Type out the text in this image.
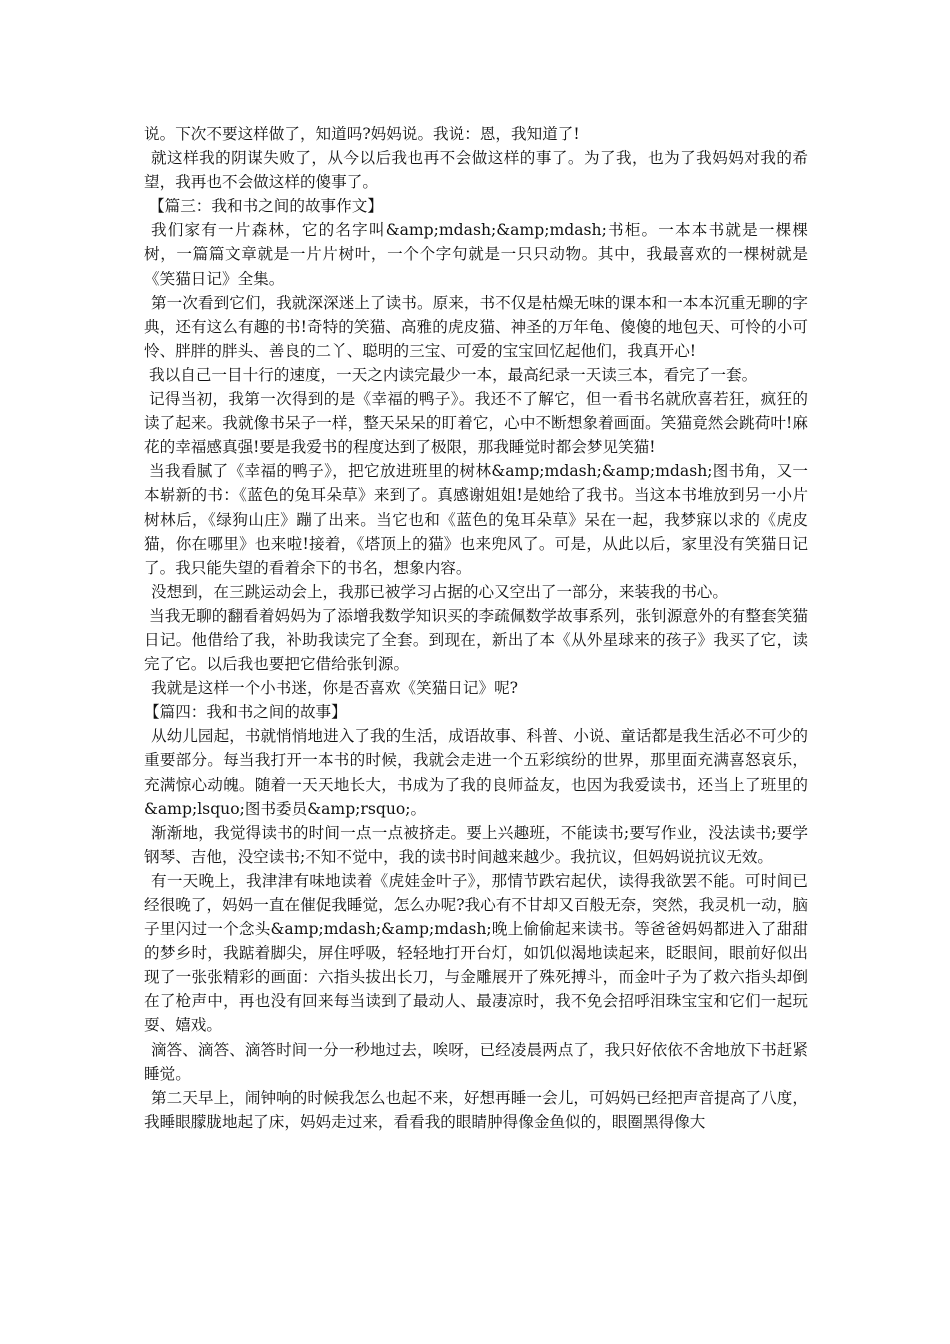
说。下次不要这样做了，知道吗?妈妈说。我说：恩，我知道了!

就这样我的阴谋失败了，从今以后我也再不会做这样的事了。为了我，也为了我妈妈对我的希望，我再也不会做这样的傻事了。

【篇三：我和书之间的故事作文】

我们家有一片森林，它的名字叫&amp;mdash;&amp;mdash;书柜。一本本书就是一棵棵树，一篇篇文章就是一片片树叶，一个个字句就是一只只动物。其中，我最喜欢的一棵树就是《笑猫日记》全集。

第一次看到它们，我就深深迷上了读书。原来，书不仅是枯燥无味的课本和一本本沉重无聊的字典，还有这么有趣的书!奇特的笑猫、高雅的虎皮猫、神圣的万年龟、傻傻的地包天、可怜的小可怜、胖胖的胖头、善良的二丫、聪明的三宝、可爱的宝宝回忆起他们，我真开心!

我以自己一目十行的速度，一天之内读完最少一本，最高纪录一天读三本，看完了一套。

记得当初，我第一次得到的是《幸福的鸭子》。我还不了解它，但一看书名就欣喜若狂，疯狂的读了起来。我就像书呆子一样，整天呆呆的盯着它，心中不断想象着画面。笑猫竟然会跳荷叶!麻花的幸福感真强!要是我爱书的程度达到了极限，那我睡觉时都会梦见笑猫!

当我看腻了《幸福的鸭子》，把它放进班里的树林&amp;mdash;&amp;mdash;图书角，又一本崭新的书：《蓝色的兔耳朵草》来到了。真感谢姐姐!是她给了我书。当这本书堆放到另一小片树林后，《绿狗山庄》蹦了出来。当它也和《蓝色的兔耳朵草》呆在一起，我梦寐以求的《虎皮猫，你在哪里》也来啦!接着，《塔顶上的猫》也来兜风了。可是，从此以后，家里没有笑猫日记了。我只能失望的看着余下的书名，想象内容。

没想到，在三跳运动会上，我那已被学习占据的心又空出了一部分，来装我的书心。

当我无聊的翻看着妈妈为了添增我数学知识买的李疏佩数学故事系列，张钊源意外的有整套笑猫日记。他借给了我，补助我读完了全套。到现在，新出了本《从外星球来的孩子》我买了它，读完了它。以后我也要把它借给张钊源。

我就是这样一个小书迷，你是否喜欢《笑猫日记》呢?

【篇四：我和书之间的故事】

从幼儿园起，书就悄悄地进入了我的生活，成语故事、科普、小说、童话都是我生活必不可少的重要部分。每当我打开一本书的时候，我就会走进一个五彩缤纷的世界，那里面充满喜怒哀乐，充满惊心动魄。随着一天天地长大，书成为了我的良师益友，也因为我爱读书，还当上了班里的&amp;lsquo;图书委员&amp;rsquo;。

渐渐地，我觉得读书的时间一点一点被挤走。要上兴趣班，不能读书;要写作业，没法读书;要学钢琴、吉他，没空读书;不知不觉中，我的读书时间越来越少。我抗议，但妈妈说抗议无效。

有一天晚上，我津津有味地读着《虎娃金叶子》，那情节跌宕起伏，读得我欲罢不能。可时间已经很晚了，妈妈一直在催促我睡觉，怎么办呢?我心有不甘却又百般无奈，突然，我灵机一动，脑子里闪过一个念头&amp;mdash;&amp;mdash;晚上偷偷起来读书。等爸爸妈妈都进入了甜甜的梦乡时，我踮着脚尖，屏住呼吸，轻轻地打开台灯，如饥似渴地读起来，眨眼间，眼前好似出现了一张张精彩的画面：六指头拔出长刀，与金雕展开了殊死搏斗，而金叶子为了救六指头却倒在了枪声中，再也没有回来每当读到了最动人、最凄凉时，我不免会招呼泪珠宝宝和它们一起玩耍、嬉戏。

滴答、滴答、滴答时间一分一秒地过去，唉呀，已经凌晨两点了，我只好依依不舍地放下书赶紧睡觉。

第二天早上，闹钟响的时候我怎么也起不来，好想再睡一会儿，可妈妈已经把声音提高了八度，我睡眼朦胧地起了床，妈妈走过来，看看我的眼睛肿得像金鱼似的，眼圈黑得像大
